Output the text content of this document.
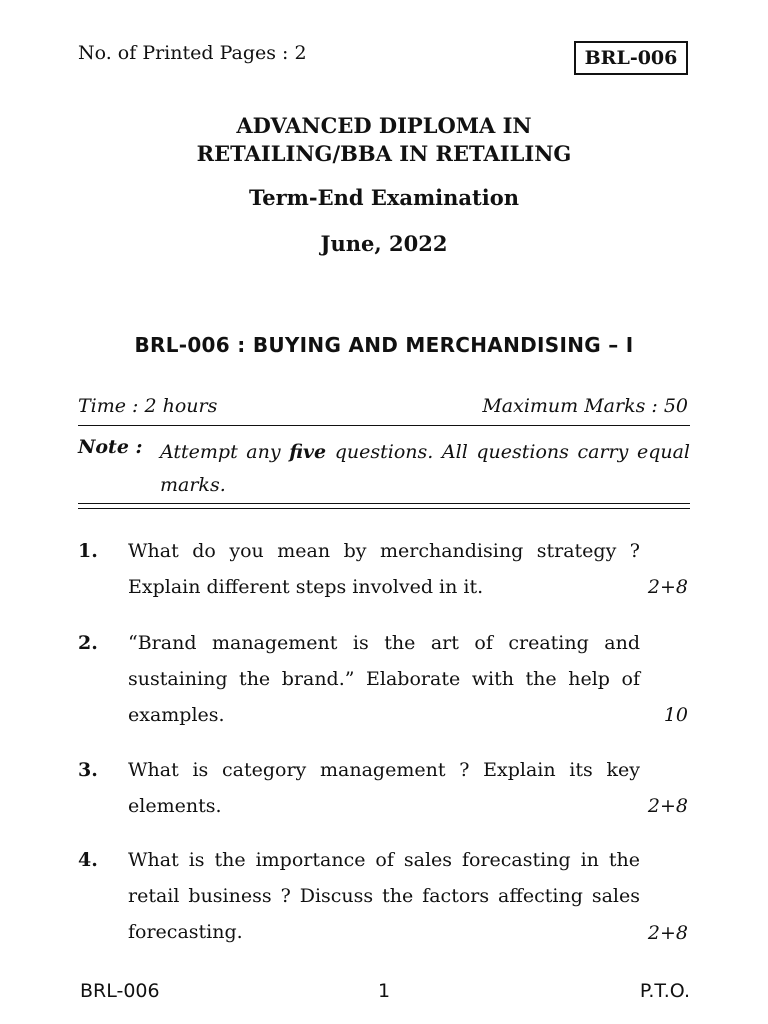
No. of Printed Pages : 2	BRL-006
ADVANCED DIPLOMA IN
RETAILING/BBA IN RETAILING
Term-End Examination
June, 2022
BRL-006 : BUYING AND MERCHANDISING – I
Time : 2 hours	Maximum Marks : 50
Note : Attempt any five questions. All questions carry equal marks.
1. What do you mean by merchandising strategy ? Explain different steps involved in it.	2+8
2. “Brand management is the art of creating and sustaining the brand.” Elaborate with the help of examples.	10
3. What is category management ? Explain its key elements.	2+8
4. What is the importance of sales forecasting in the retail business ? Discuss the factors affecting sales forecasting.	2+8
BRL-006	1	P.T.O.
